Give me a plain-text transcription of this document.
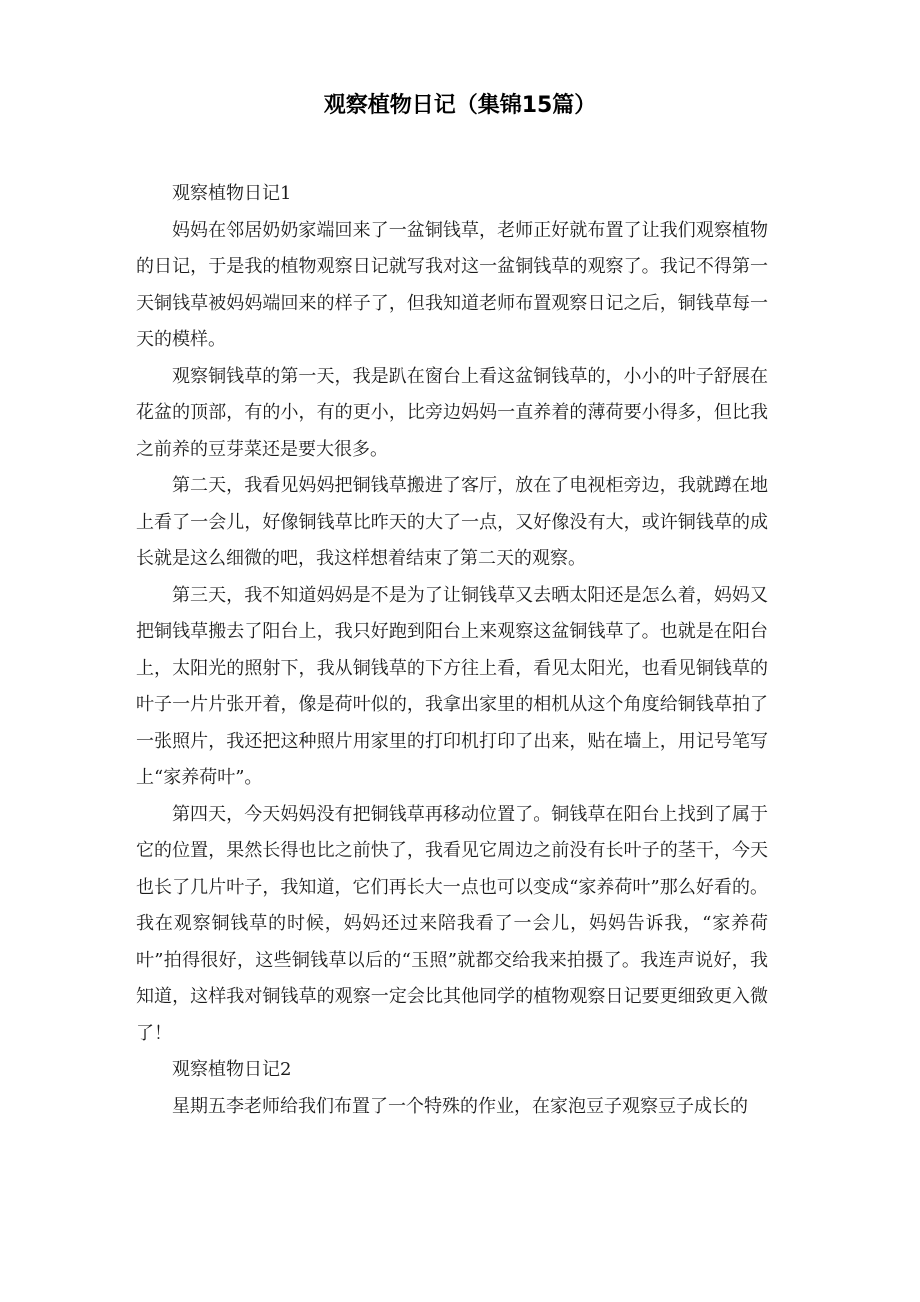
观察植物日记（集锦15篇）

观察植物日记1

妈妈在邻居奶奶家端回来了一盆铜钱草，老师正好就布置了让我们观察植物的日记，于是我的植物观察日记就写我对这一盆铜钱草的观察了。我记不得第一天铜钱草被妈妈端回来的样子了，但我知道老师布置观察日记之后，铜钱草每一天的模样。

观察铜钱草的第一天，我是趴在窗台上看这盆铜钱草的，小小的叶子舒展在花盆的顶部，有的小，有的更小，比旁边妈妈一直养着的薄荷要小得多，但比我之前养的豆芽菜还是要大很多。

第二天，我看见妈妈把铜钱草搬进了客厅，放在了电视柜旁边，我就蹲在地上看了一会儿，好像铜钱草比昨天的大了一点，又好像没有大，或许铜钱草的成长就是这么细微的吧，我这样想着结束了第二天的观察。

第三天，我不知道妈妈是不是为了让铜钱草又去晒太阳还是怎么着，妈妈又把铜钱草搬去了阳台上，我只好跑到阳台上来观察这盆铜钱草了。也就是在阳台上，太阳光的照射下，我从铜钱草的下方往上看，看见太阳光，也看见铜钱草的叶子一片片张开着，像是荷叶似的，我拿出家里的相机从这个角度给铜钱草拍了一张照片，我还把这种照片用家里的打印机打印了出来，贴在墙上，用记号笔写上“家养荷叶”。

第四天，今天妈妈没有把铜钱草再移动位置了。铜钱草在阳台上找到了属于它的位置，果然长得也比之前快了，我看见它周边之前没有长叶子的茎干，今天也长了几片叶子，我知道，它们再长大一点也可以变成“家养荷叶”那么好看的。我在观察铜钱草的时候，妈妈还过来陪我看了一会儿，妈妈告诉我，“家养荷叶”拍得很好，这些铜钱草以后的“玉照”就都交给我来拍摄了。我连声说好，我知道，这样我对铜钱草的观察一定会比其他同学的植物观察日记要更细致更入微了！

观察植物日记2

星期五李老师给我们布置了一个特殊的作业，在家泡豆子观察豆子成长的
